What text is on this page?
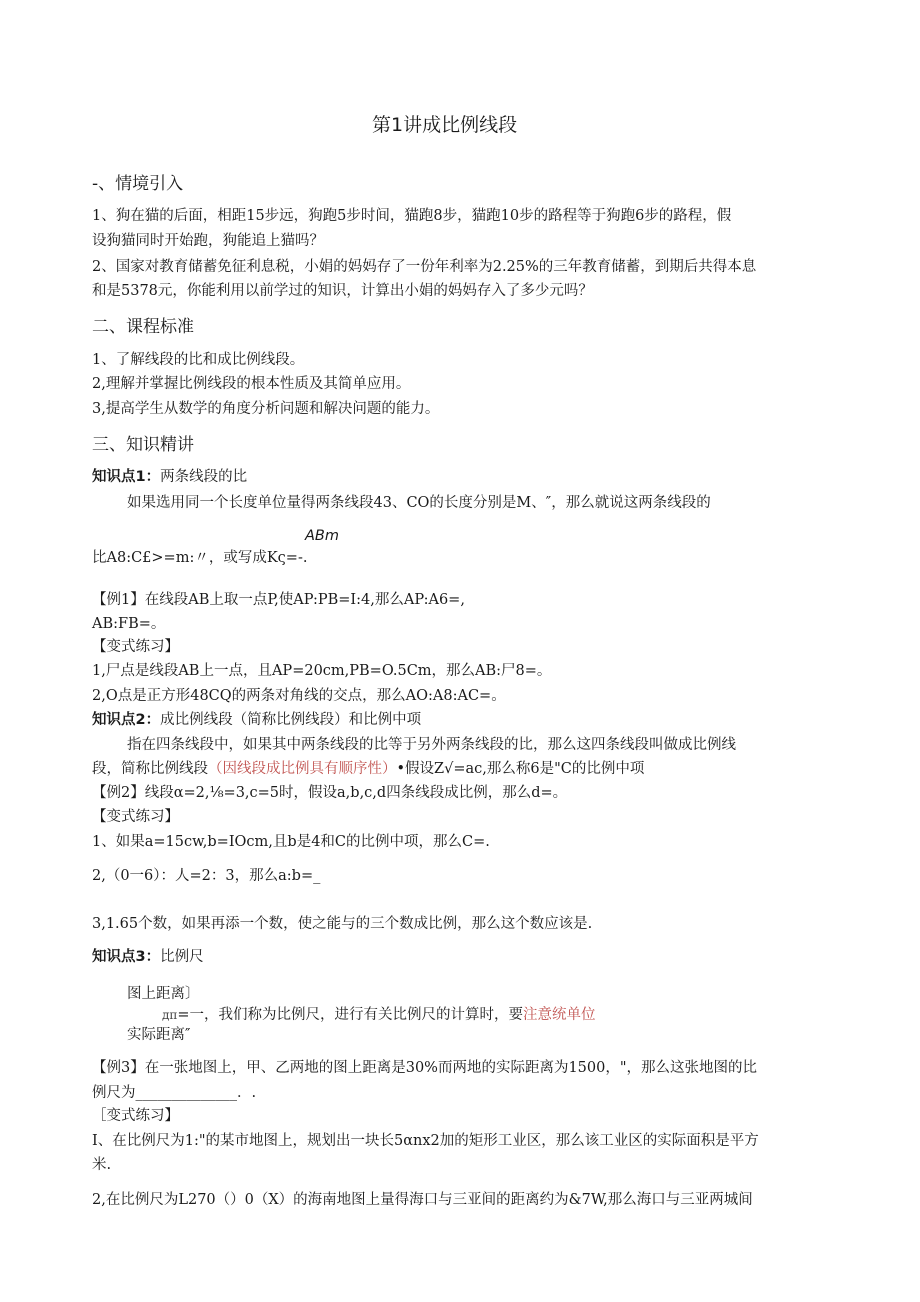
第1讲成比例线段
-、情境引入
1、狗在猫的后面，相距15步远，狗跑5步时间，猫跑8步，猫跑10步的路程等于狗跑6步的路程，假
设狗猫同时开始跑，狗能追上猫吗？
2、国家对教育储蓄免征利息税，小娟的妈妈存了一份年利率为2.25%的三年教育储蓄，到期后共得本息
和是5378元，你能利用以前学过的知识，计算出小娟的妈妈存入了多少元吗？
二、课程标准
1、了解线段的比和成比例线段。
2,理解并掌握比例线段的根本性质及其简单应用。
3,提高学生从数学的角度分析问题和解决问题的能力。
三、知识精讲
知识点1：两条线段的比
如果选用同一个长度单位量得两条线段43、CO的长度分别是M、″，那么就说这两条线段的
ABm
比A8:C£>=m:〃，或写成Kς=-.
【例1】在线段AB上取一点P,使AP:PB=I:4,那么AP:A6=,
AB:FB=。
【变式练习】
1,尸点是线段AB上一点，且AP=20cm,PB=O.5Cm，那么AB:尸8=。
2,O点是正方形48CQ的两条对角线的交点，那么AO:A8:AC=。
知识点2：成比例线段（简称比例线段）和比例中项
指在四条线段中，如果其中两条线段的比等于另外两条线段的比，那么这四条线段叫做成比例线
段，简称比例线段（因线段成比例具有顺序性）•假设Z√=ac,那么称6是"C的比例中项
【例2】线段α=2,⅛=3,c=5时，假设a,b,c,d四条线段成比例，那么d=。
【变式练习】
1、如果a=15cw,b=IOcm,且b是4和C的比例中项，那么C=.
2,（0一6）：人=2：3，那么a:b=_
3,1.65个数，如果再添一个数，使之能与的三个数成比例，那么这个数应该是.
知识点3：比例尺
图上距离〕
дп=一，我们称为比例尺，进行有关比例尺的计算时，要注意统单位
实际距离″
【例3】在一张地图上，甲、乙两地的图上距离是30%而两地的实际距离为1500，"，那么这张地图的比
例尺为______________．.
［变式练习】
I、在比例尺为1:"的某市地图上，规划出一块长5αnx2加的矩形工业区，那么该工业区的实际面积是平方
米.
2,在比例尺为L270（）0（X）的海南地图上量得海口与三亚间的距离约为&7W,那么海口与三亚两城间
